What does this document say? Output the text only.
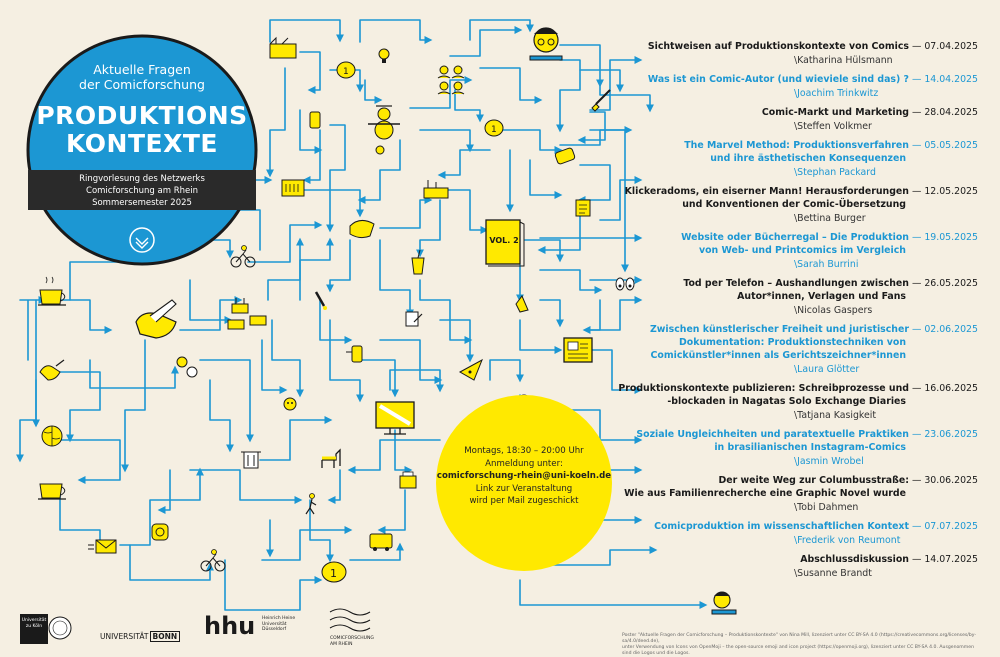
1
1
1
Aktuelle Fragen
der Comicforschung
PRODUKTIONS
KONTEXTE
Ringvorlesung des Netzwerks
Comicforschung am Rhein
Sommersemester 2025
VOL. 2
Sichtweisen auf Produktionskontexte von Comics — 07.04.2025
\Katharina Hülsmann
Was ist ein Comic-Autor (und wieviele sind das) ? — 14.04.2025
\Joachim Trinkwitz
Comic-Markt und Marketing — 28.04.2025
\Steffen Volkmer
The Marvel Method: Produktionsverfahren — 05.05.2025
und ihre ästhetischen Konsequenzen
\Stephan Packard
Klickeradoms, ein eiserner Mann! Herausforderungen — 12.05.2025
und Konventionen der Comic-Übersetzung
\Bettina Burger
Website oder Bücherregal – Die Produktion — 19.05.2025
von Web- und Printcomics im Vergleich
\Sarah Burrini
Tod per Telefon – Aushandlungen zwischen — 26.05.2025
Autor*innen, Verlagen und Fans
\Nicolas Gaspers
Zwischen künstlerischer Freiheit und juristischer — 02.06.2025
Dokumentation: Produktionstechniken von
Comickünstler*innen als Gerichtszeichner*innen
\Laura Glötter
Produktionskontexte publizieren: Schreibprozesse und — 16.06.2025
-blockaden in Nagatas Solo Exchange Diaries
\Tatjana Kasigkeit
Soziale Ungleichheiten und paratextuelle Praktiken — 23.06.2025
in brasilianischen Instagram-Comics
\Jasmin Wrobel
Der weite Weg zur Columbusstraße: — 30.06.2025
Wie aus Familienrecherche eine Graphic Novel wurde
\Tobi Dahmen
Comicproduktion im wissenschaftlichen Kontext — 07.07.2025
\Frederik von Reumont
Abschlussdiskussion — 14.07.2025
\Susanne Brandt
Montags, 18:30 – 20:00 Uhr
Anmeldung unter:
comicforschung-rhein@uni-koeln.de
Link zur Veranstaltung
wird per Mail zugeschickt
Universität
zu Köln
UNIVERSITÄT BONN hhu Heinrich Heine
Universität
Düsseldorf
COMICFORSCHUNG
AM RHEIN
Poster "Aktuelle Fragen der Comicforschung – Produktionskontexte" von Nina Mill, lizenziert unter CC BY-SA 4.0 (https://creativecommons.org/licenses/by-sa/4.0/deed.de),
unter Verwendung von Icons von OpenMoji – the open-source emoji and icon project (https://openmoji.org), lizenziert unter CC BY-SA 4.0. Ausgenommen sind die Logos und die Logos.
